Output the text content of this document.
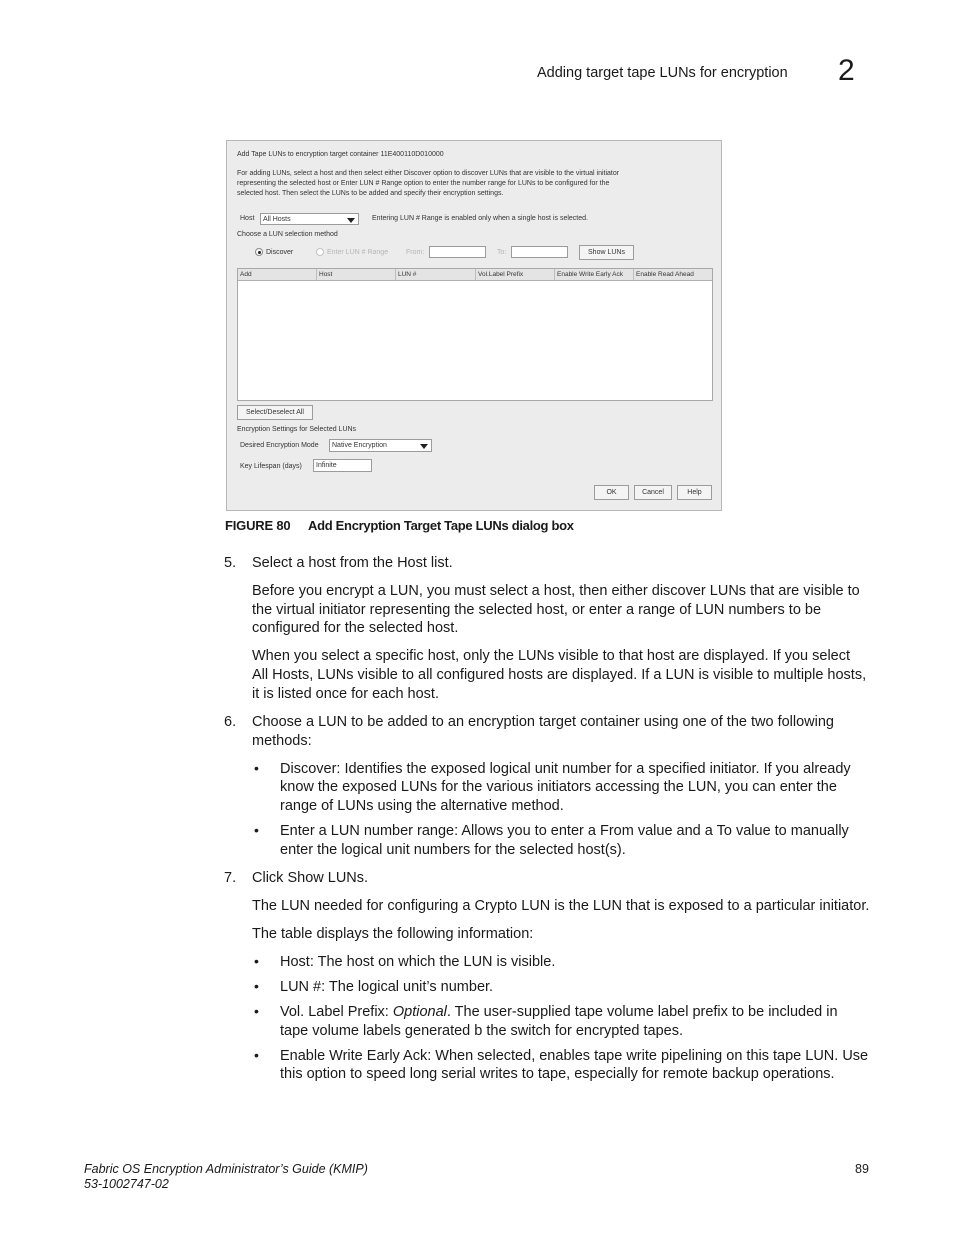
Adding target tape LUNs for encryption 2
Add Tape LUNs to encryption target container 11E400110D010000
For adding LUNs, select a host and then select either Discover option to discover LUNs that are visible to the virtual initiator
representing the selected host or Enter LUN # Range option to enter the number range for LUNs to be configured for the
selected host. Then select the LUNs to be added and specify their encryption settings.
Host	All Hosts	Entering LUN # Range is enabled only when a single host is selected.
Choose a LUN selection method
Discover	Enter LUN # Range	From:	To:	Show LUNs
Add	Host	LUN #	Vol.Label Prefix	Enable Write Early Ack	Enable Read Ahead
Select/Deselect All
Encryption Settings for Selected LUNs
Desired Encryption Mode	Native Encryption
Key Lifespan (days)	Infinite
OK	Cancel	Help
FIGURE 80 Add Encryption Target Tape LUNs dialog box
5. Select a host from the Host list.
Before you encrypt a LUN, you must select a host, then either discover LUNs that are visible to
the virtual initiator representing the selected host, or enter a range of LUN numbers to be
configured for the selected host.
When you select a specific host, only the LUNs visible to that host are displayed. If you select
All Hosts, LUNs visible to all configured hosts are displayed. If a LUN is visible to multiple hosts,
it is listed once for each host.
6. Choose a LUN to be added to an encryption target container using one of the two following
methods:
• Discover: Identifies the exposed logical unit number for a specified initiator. If you already
know the exposed LUNs for the various initiators accessing the LUN, you can enter the
range of LUNs using the alternative method.
• Enter a LUN number range: Allows you to enter a From value and a To value to manually
enter the logical unit numbers for the selected host(s).
7. Click Show LUNs.
The LUN needed for configuring a Crypto LUN is the LUN that is exposed to a particular initiator.
The table displays the following information:
• Host: The host on which the LUN is visible.
• LUN #: The logical unit’s number.
• Vol. Label Prefix: Optional. The user-supplied tape volume label prefix to be included in
tape volume labels generated b the switch for encrypted tapes.
• Enable Write Early Ack: When selected, enables tape write pipelining on this tape LUN. Use
this option to speed long serial writes to tape, especially for remote backup operations.
Fabric OS Encryption Administrator’s Guide (KMIP)
53-1002747-02
89
